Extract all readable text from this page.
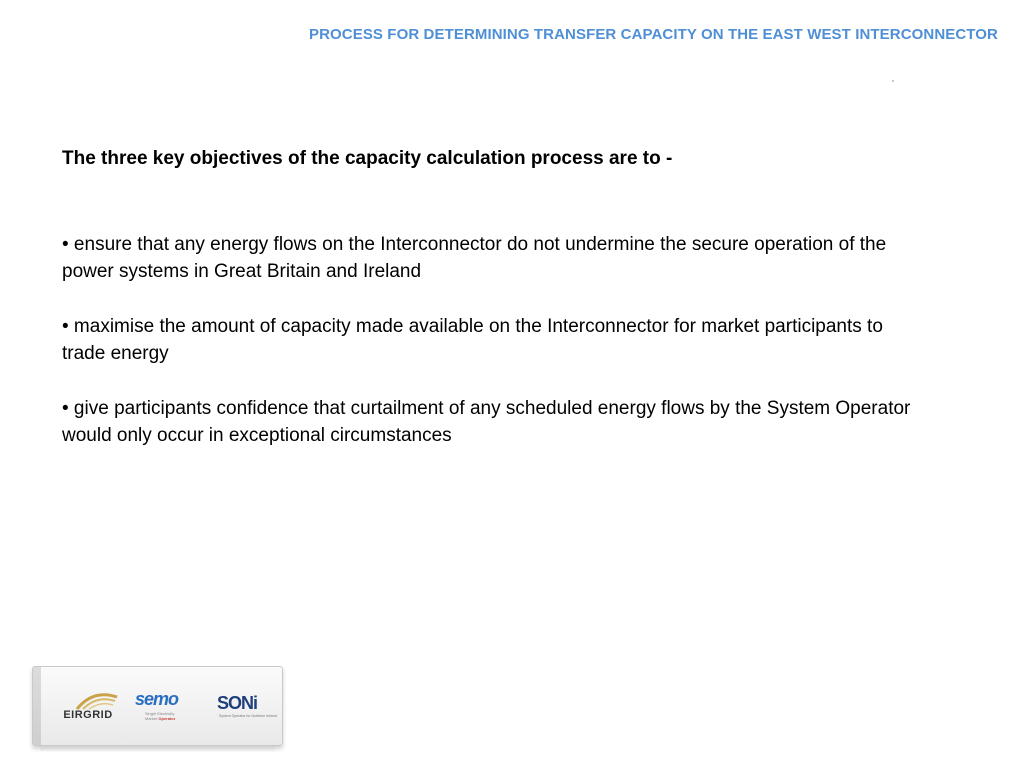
PROCESS FOR DETERMINING TRANSFER CAPACITY ON THE EAST WEST INTERCONNECTOR
The three key objectives of the capacity calculation process are to -
• ensure that any energy flows on the Interconnector do not undermine the secure operation of the power systems in Great Britain and Ireland
• maximise the amount of capacity made available on the Interconnector for market participants to trade energy
• give participants confidence that curtailment of any scheduled energy flows by the System Operator would only occur in exceptional circumstances
EIRGRID
semo
Single Electricity Market Operator
SONi
System Operator for Northern Ireland
